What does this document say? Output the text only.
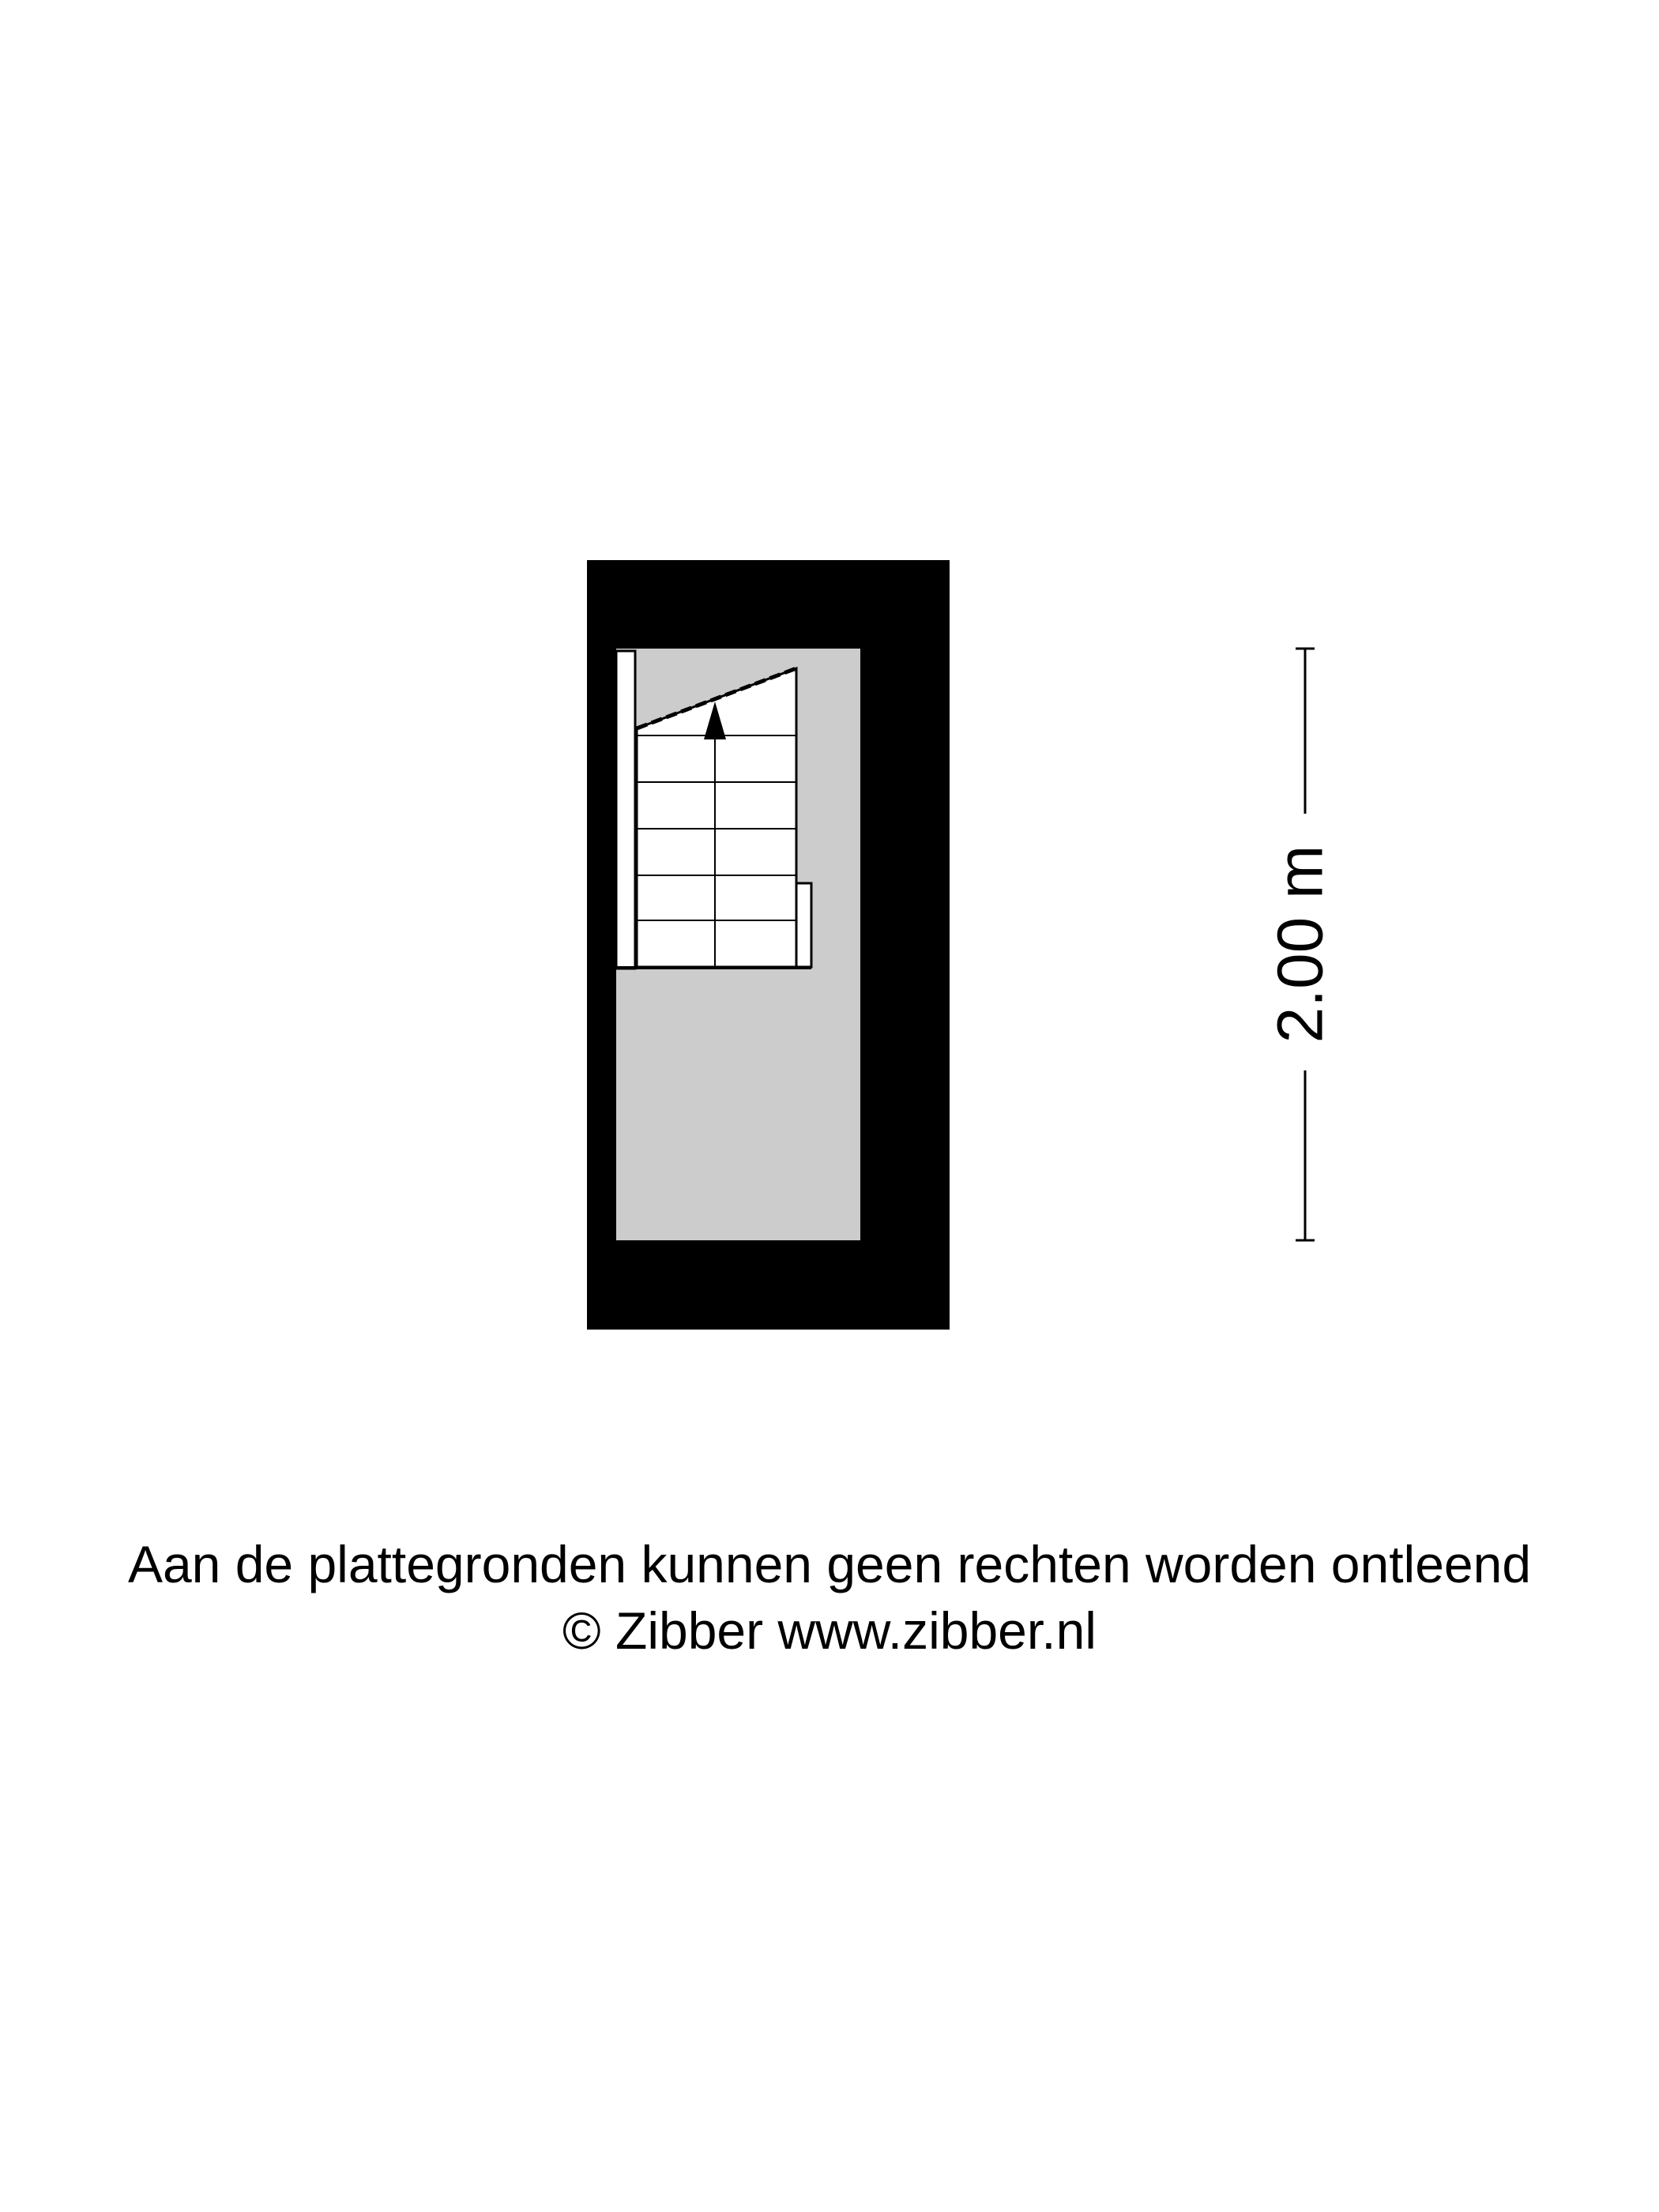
2.00 m
Aan de plattegronden kunnen geen rechten worden ontleend
© Zibber www.zibber.nl
